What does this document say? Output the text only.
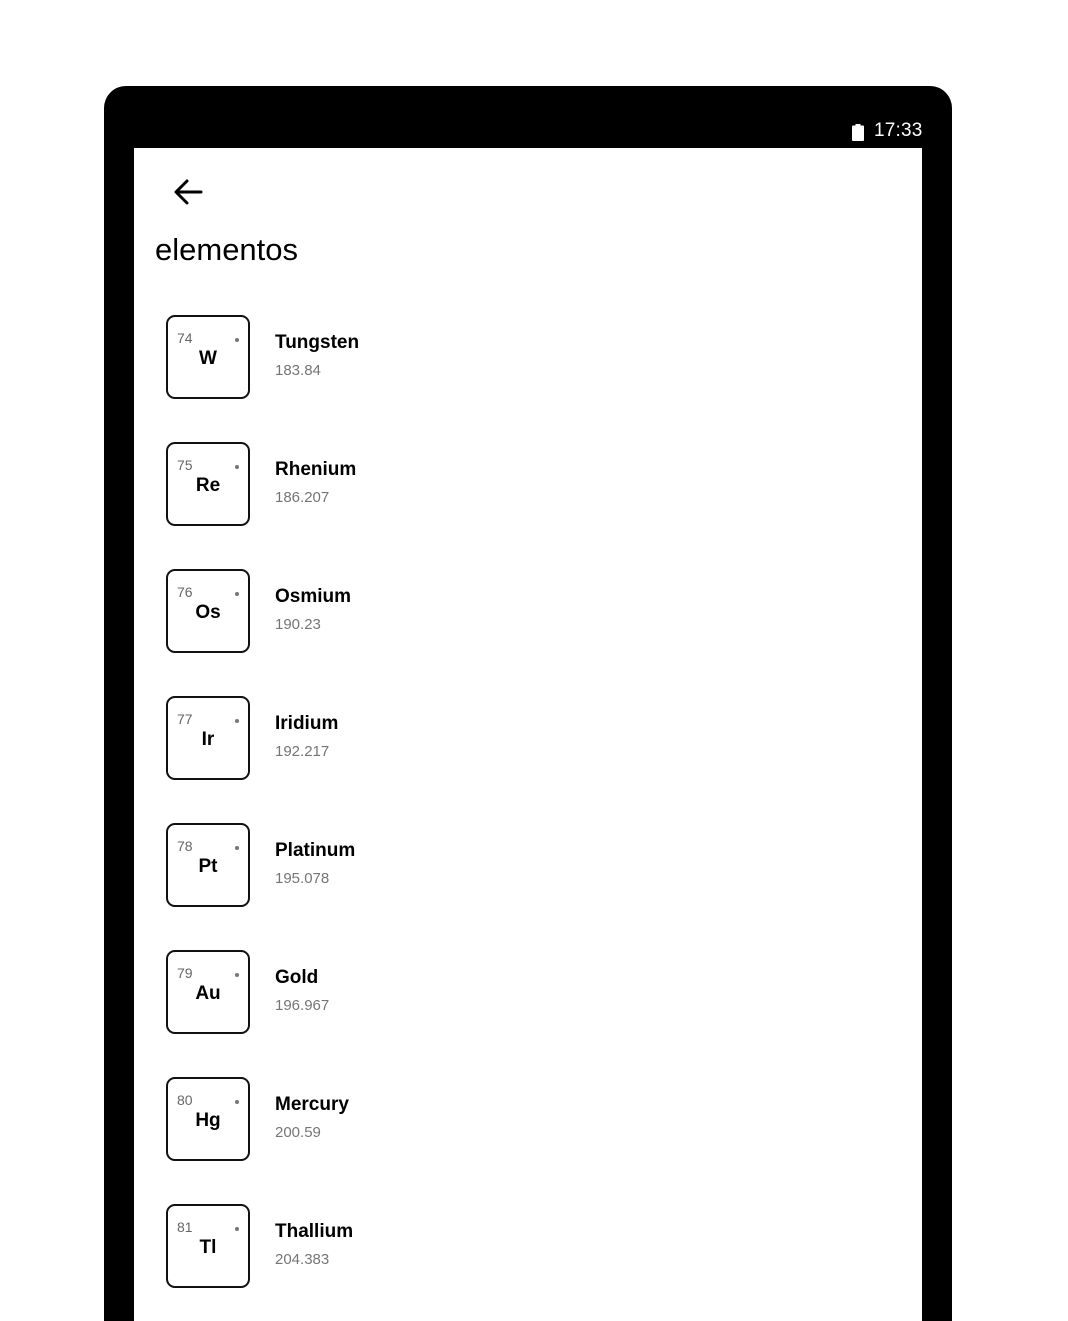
17:33
elementos
74
W
Tungsten
183.84
75
Re
Rhenium
186.207
76
Os
Osmium
190.23
77
Ir
Iridium
192.217
78
Pt
Platinum
195.078
79
Au
Gold
196.967
80
Hg
Mercury
200.59
81
Tl
Thallium
204.383
